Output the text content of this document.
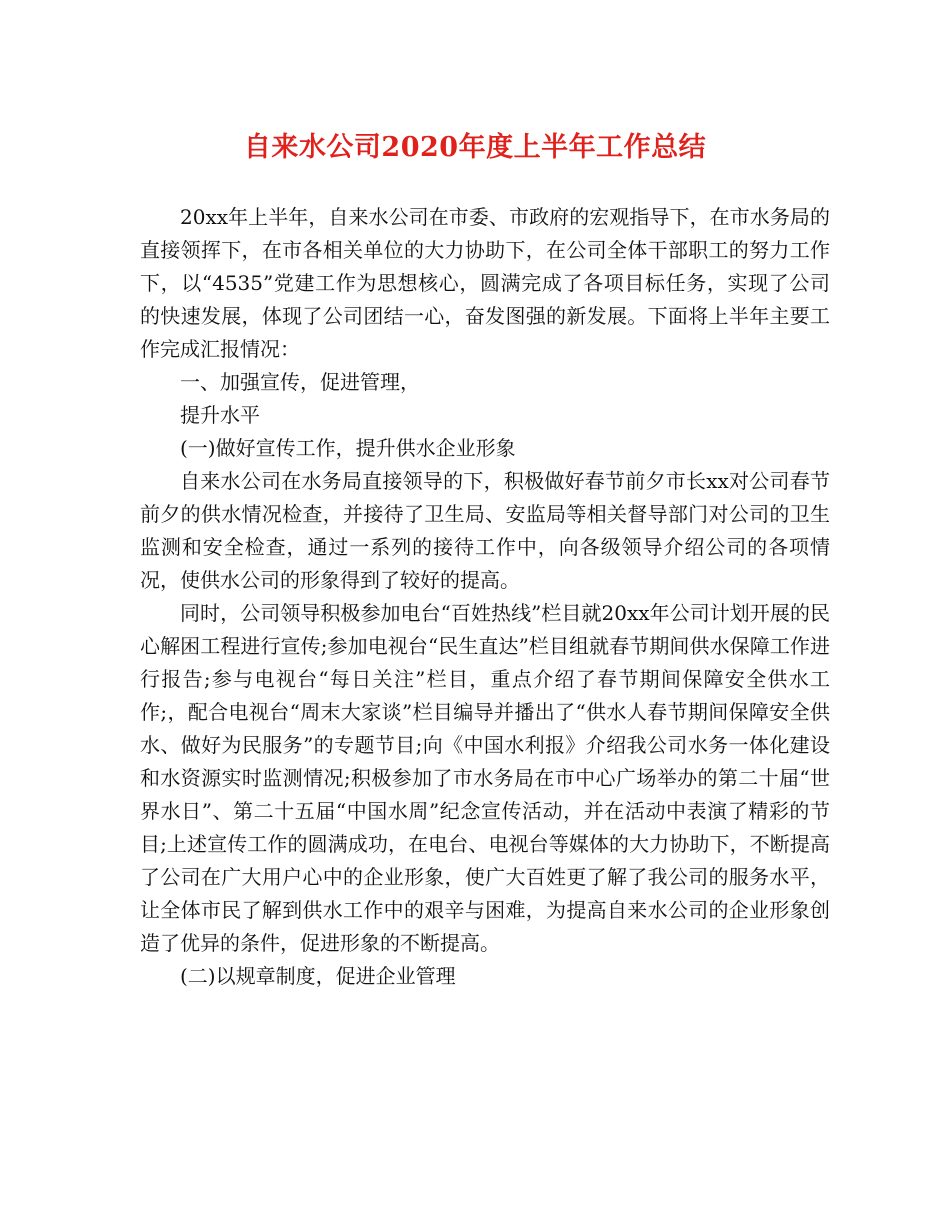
自来水公司2020年度上半年工作总结

20xx年上半年，自来水公司在市委、市政府的宏观指导下，在市水务局的直接领挥下，在市各相关单位的大力协助下，在公司全体干部职工的努力工作下，以“4535”党建工作为思想核心，圆满完成了各项目标任务，实现了公司的快速发展，体现了公司团结一心，奋发图强的新发展。下面将上半年主要工作完成汇报情况：

一、加强宣传，促进管理，

提升水平

(一)做好宣传工作，提升供水企业形象

自来水公司在水务局直接领导的下，积极做好春节前夕市长xx对公司春节前夕的供水情况检查，并接待了卫生局、安监局等相关督导部门对公司的卫生监测和安全检查，通过一系列的接待工作中，向各级领导介绍公司的各项情况，使供水公司的形象得到了较好的提高。

同时，公司领导积极参加电台“百姓热线”栏目就20xx年公司计划开展的民心解困工程进行宣传;参加电视台“民生直达”栏目组就春节期间供水保障工作进行报告;参与电视台“每日关注”栏目，重点介绍了春节期间保障安全供水工作;，配合电视台“周末大家谈”栏目编导并播出了“供水人春节期间保障安全供水、做好为民服务”的专题节目;向《中国水利报》介绍我公司水务一体化建设和水资源实时监测情况;积极参加了市水务局在市中心广场举办的第二十届“世界水日”、第二十五届“中国水周”纪念宣传活动，并在活动中表演了精彩的节目;上述宣传工作的圆满成功，在电台、电视台等媒体的大力协助下，不断提高了公司在广大用户心中的企业形象，使广大百姓更了解了我公司的服务水平，让全体市民了解到供水工作中的艰辛与困难，为提高自来水公司的企业形象创造了优异的条件，促进形象的不断提高。

(二)以规章制度，促进企业管理
